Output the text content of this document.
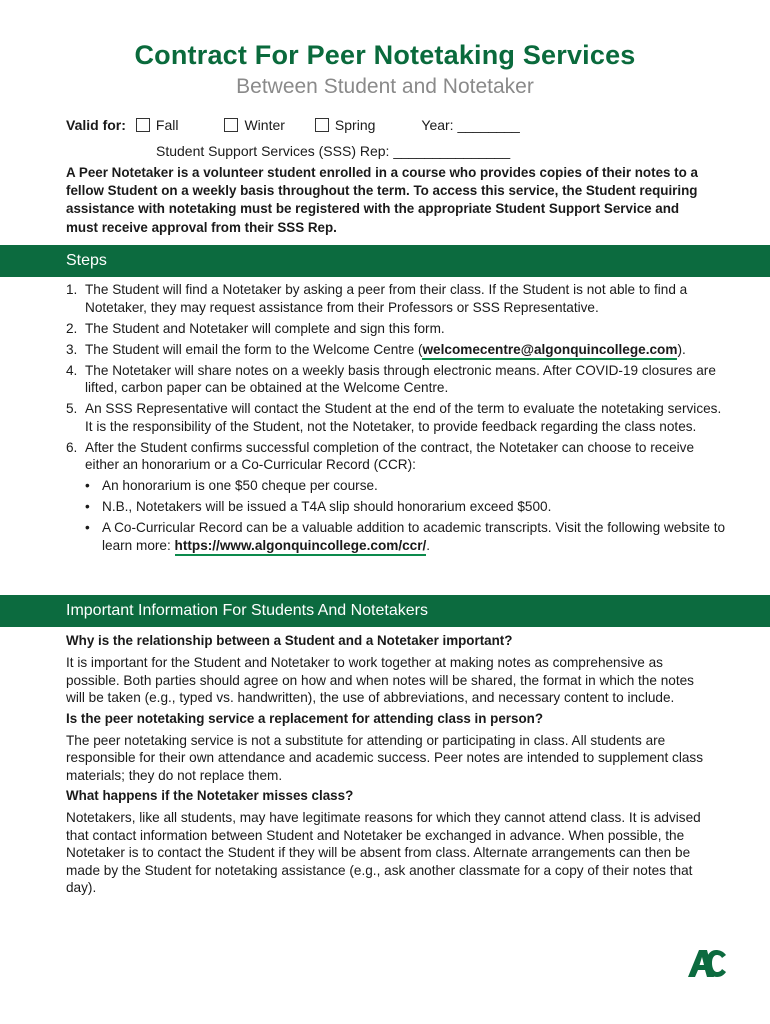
Contract For Peer Notetaking Services
Between Student and Notetaker
Valid for: Fall	Winter	Spring	Year: ________
Student Support Services (SSS) Rep: _______________
A Peer Notetaker is a volunteer student enrolled in a course who provides copies of their notes to a fellow Student on a weekly basis throughout the term. To access this service, the Student requiring assistance with notetaking must be registered with the appropriate Student Support Service and must receive approval from their SSS Rep.
Steps
1. The Student will find a Notetaker by asking a peer from their class. If the Student is not able to find a Notetaker, they may request assistance from their Professors or SSS Representative.
2. The Student and Notetaker will complete and sign this form.
3. The Student will email the form to the Welcome Centre (welcomecentre@algonquincollege.com).
4. The Notetaker will share notes on a weekly basis through electronic means. After COVID-19 closures are lifted, carbon paper can be obtained at the Welcome Centre.
5. An SSS Representative will contact the Student at the end of the term to evaluate the notetaking services. It is the responsibility of the Student, not the Notetaker, to provide feedback regarding the class notes.
6. After the Student confirms successful completion of the contract, the Notetaker can choose to receive either an honorarium or a Co-Curricular Record (CCR):
• An honorarium is one $50 cheque per course.
• N.B., Notetakers will be issued a T4A slip should honorarium exceed $500.
• A Co-Curricular Record can be a valuable addition to academic transcripts. Visit the following website to learn more: https://www.algonquincollege.com/ccr/.
Important Information For Students And Notetakers
Why is the relationship between a Student and a Notetaker important?
It is important for the Student and Notetaker to work together at making notes as comprehensive as possible. Both parties should agree on how and when notes will be shared, the format in which the notes will be taken (e.g., typed vs. handwritten), the use of abbreviations, and necessary content to include.
Is the peer notetaking service a replacement for attending class in person?
The peer notetaking service is not a substitute for attending or participating in class. All students are responsible for their own attendance and academic success. Peer notes are intended to supplement class materials; they do not replace them.
What happens if the Notetaker misses class?
Notetakers, like all students, may have legitimate reasons for which they cannot attend class. It is advised that contact information between Student and Notetaker be exchanged in advance. When possible, the Notetaker is to contact the Student if they will be absent from class. Alternate arrangements can then be made by the Student for notetaking assistance (e.g., ask another classmate for a copy of their notes that day).
